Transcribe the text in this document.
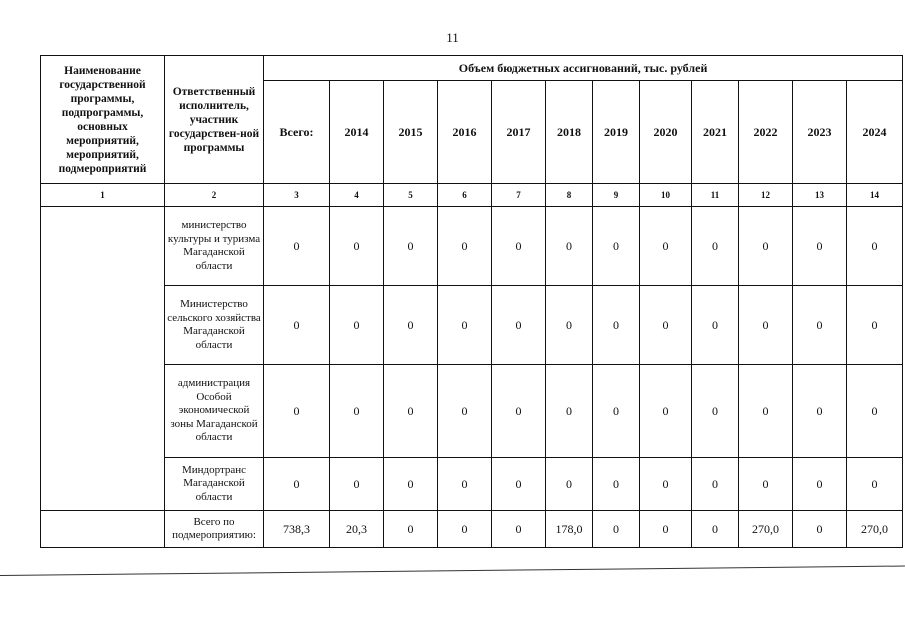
11
Наименование государственной программы, подпрограммы, основных мероприятий, мероприятий, подмероприятий	Ответственный исполнитель, участник государствен-ной программы	Объем бюджетных ассигнований, тыс. рублей											
		Всего:	2014	2015	2016	2017	2018	2019	2020	2021	2022	2023	2024
1	2	3	4	5	6	7	8	9	10	11	12	13	14
	министерство культуры и туризма Магаданской области	0	0	0	0	0	0	0	0	0	0	0	0
	Министерство сельского хозяйства Магаданской области	0	0	0	0	0	0	0	0	0	0	0	0
	администрация Особой экономической зоны Магаданской области	0	0	0	0	0	0	0	0	0	0	0	0
	Миндортранс Магаданской области	0	0	0	0	0	0	0	0	0	0	0	0
	Всего по подмероприятию:	738,3	20,3	0	0	0	178,0	0	0	0	270,0	0	270,0
